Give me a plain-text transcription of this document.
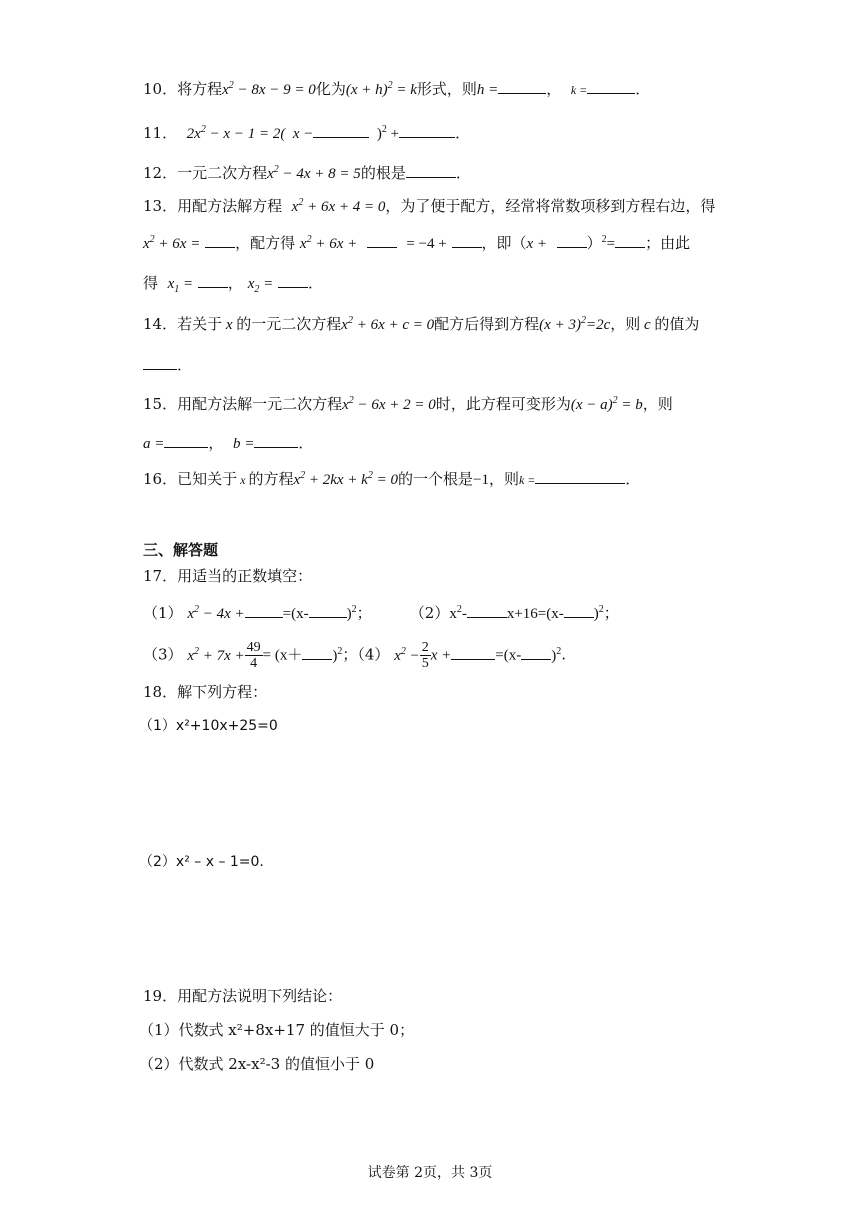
10．将方程$x^2 - 8x - 9 = 0$化为$(x + h)^2 = k$形式，则h =	， k =	．
11． $2x^2 - x - 1 = 2$(  x −	)$^2$ +	．
12．一元二次方程$x^2 - 4x + 8 = 5$的根是	．
13．用配方法解方程 $x^2 + 6x + 4 = 0$，为了便于配方，经常将常数项移到方程右边，得
$x^2 + 6x$ = ，配方得 $x^2 + 6x$ +	= −4 + ，即（x +	）$^2$= ；由此
得 $x_1$ = ， $x_2$ = ．
14．若关于 x 的一元二次方程$x^2 + 6x + c = 0$配方后得到方程$(x + 3)^2=2c$，则 c 的值为
．
15．用配方法解一元二次方程$x^2 - 6x + 2 = 0$时，此方程可变形为$(x - a)^2 = b$，则
a =	， b =	．
16．已知关于 x 的方程$x^2 + 2kx + k^2 = 0$的一个根是−1，则k =	．
三、解答题
17．用适当的正数填空：
（1） $x^2 - 4x$ +	=(x-	)$^2$；	$(2)x^2-$	x+16=(x- )$^2$；
（3） $x^2 + 7x + \frac{49}{4} = (x+ )^2$；（4） $x^2 - \frac{2}{5}$ x +	=(x- )$^2$.
18．解下列方程：
（1）x²+10x+25=0
（2）x² – x – 1=0.
19．用配方法说明下列结论：
（1）代数式 x²+8x+17 的值恒大于 0；
（2）代数式 2x-x²-3 的值恒小于 0
试卷第 2页，共 3页
